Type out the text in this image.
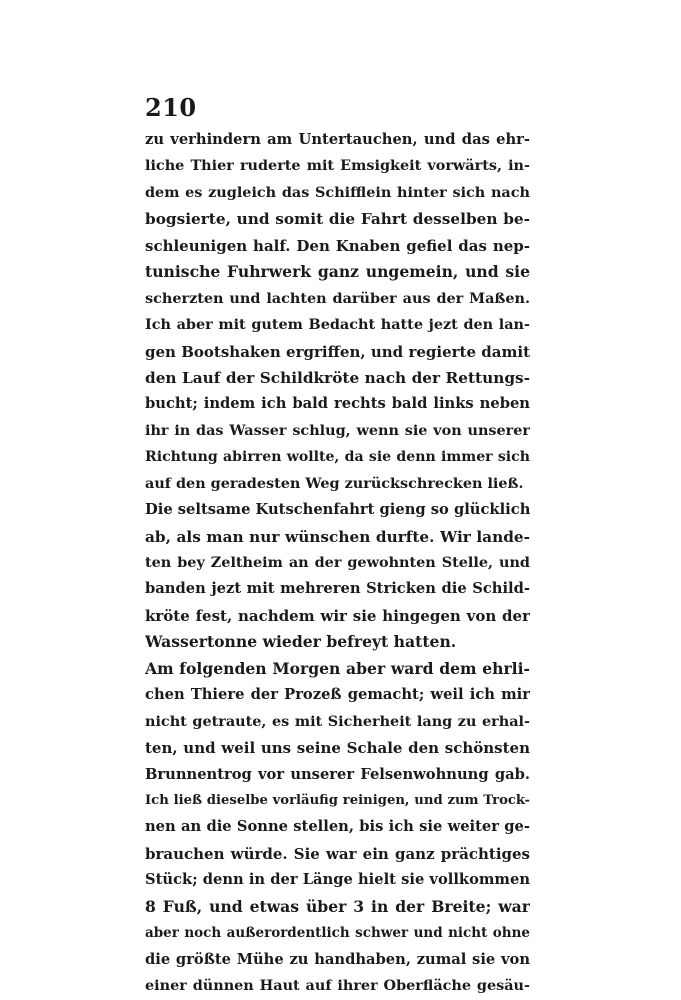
210
zu verhindern am Untertauchen, und das ehr-
liche Thier ruderte mit Emsigkeit vorwärts, in-
dem es zugleich das Schifflein hinter sich nach
bogsierte, und somit die Fahrt desselben be-
schleunigen half. Den Knaben gefiel das nep-
tunische Fuhrwerk ganz ungemein, und sie
scherzten und lachten darüber aus der Maßen.
Ich aber mit gutem Bedacht hatte jezt den lan-
gen Bootshaken ergriffen, und regierte damit
den Lauf der Schildkröte nach der Rettungs-
bucht; indem ich bald rechts bald links neben
ihr in das Wasser schlug, wenn sie von unserer
Richtung abirren wollte, da sie denn immer sich
auf den geradesten Weg zurückschrecken ließ.
Die seltsame Kutschenfahrt gieng so glücklich
ab, als man nur wünschen durfte. Wir lande-
ten bey Zeltheim an der gewohnten Stelle, und
banden jezt mit mehreren Stricken die Schild-
kröte fest, nachdem wir sie hingegen von der
Wassertonne wieder befreyt hatten.
Am folgenden Morgen aber ward dem ehrli-
chen Thiere der Prozeß gemacht; weil ich mir
nicht getraute, es mit Sicherheit lang zu erhal-
ten, und weil uns seine Schale den schönsten
Brunnentrog vor unserer Felsenwohnung gab.
Ich ließ dieselbe vorläufig reinigen, und zum Trock-
nen an die Sonne stellen, bis ich sie weiter ge-
brauchen würde. Sie war ein ganz prächtiges
Stück; denn in der Länge hielt sie vollkommen
8 Fuß, und etwas über 3 in der Breite; war
aber noch außerordentlich schwer und nicht ohne
die größte Mühe zu handhaben, zumal sie von
einer dünnen Haut auf ihrer Oberfläche gesäu-
